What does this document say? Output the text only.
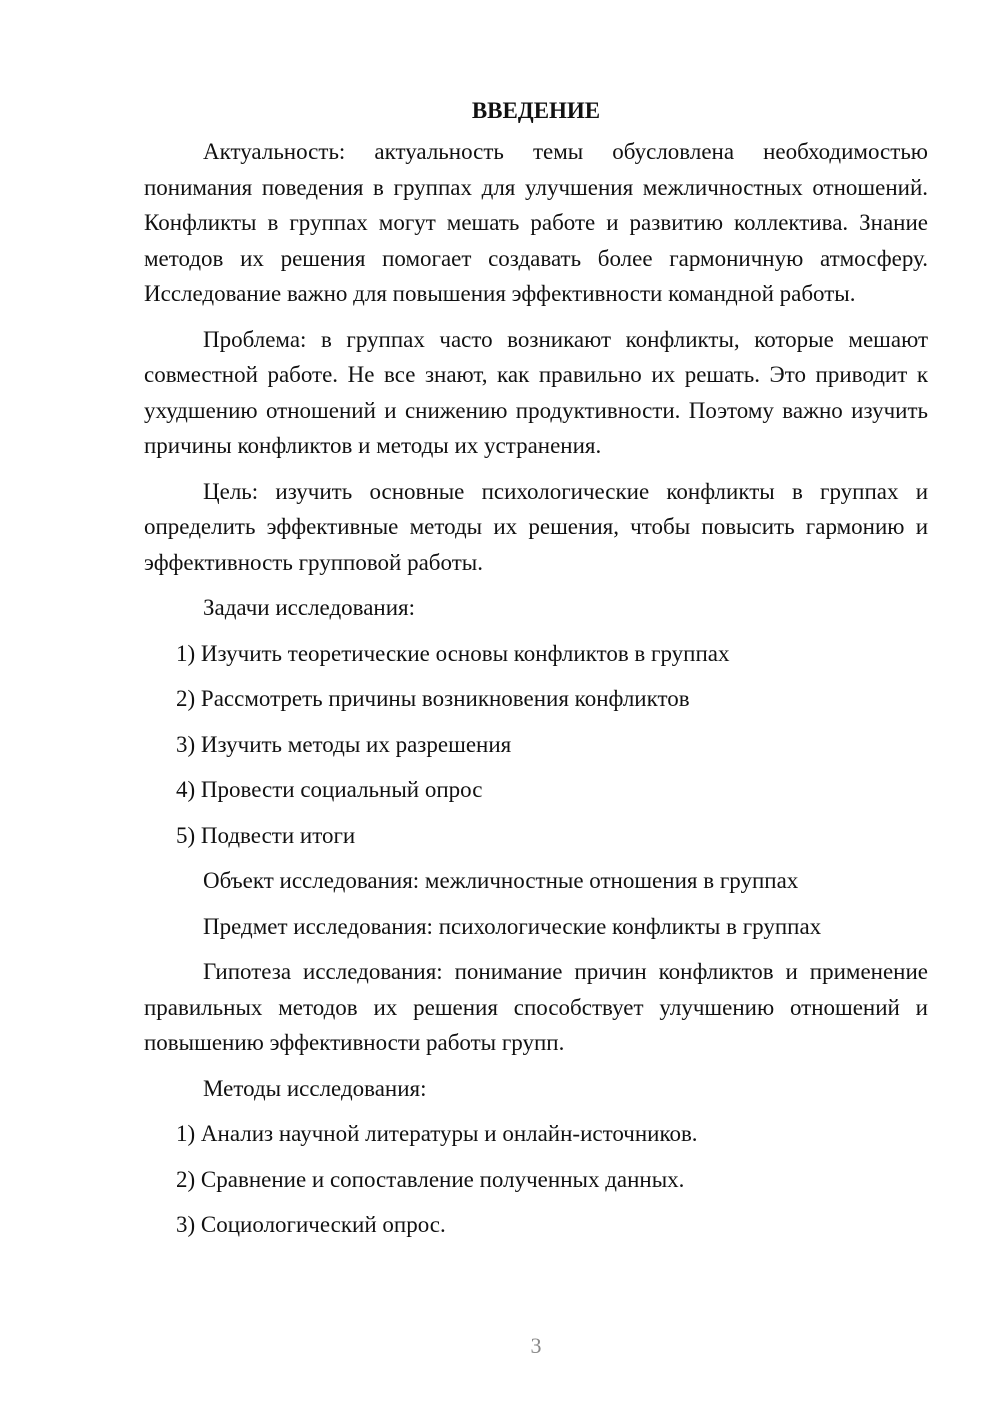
ВВЕДЕНИЕ

Актуальность: актуальность темы обусловлена необходимостью понимания поведения в группах для улучшения межличностных отношений. Конфликты в группах могут мешать работе и развитию коллектива. Знание методов их решения помогает создавать более гармоничную атмосферу. Исследование важно для повышения эффективности командной работы.

Проблема: в группах часто возникают конфликты, которые мешают совместной работе. Не все знают, как правильно их решать. Это приводит к ухудшению отношений и снижению продуктивности. Поэтому важно изучить причины конфликтов и методы их устранения.

Цель: изучить основные психологические конфликты в группах и определить эффективные методы их решения, чтобы повысить гармонию и эффективность групповой работы.

Задачи исследования:
1) Изучить теоретические основы конфликтов в группах
2) Рассмотреть причины возникновения конфликтов
3) Изучить методы их разрешения
4) Провести социальный опрос
5) Подвести итоги
Объект исследования: межличностные отношения в группах
Предмет исследования: психологические конфликты в группах

Гипотеза исследования: понимание причин конфликтов и применение правильных методов их решения способствует улучшению отношений и повышению эффективности работы групп.

Методы исследования:
1) Анализ научной литературы и онлайн-источников.
2) Сравнение и сопоставление полученных данных.
3) Социологический опрос.
3
